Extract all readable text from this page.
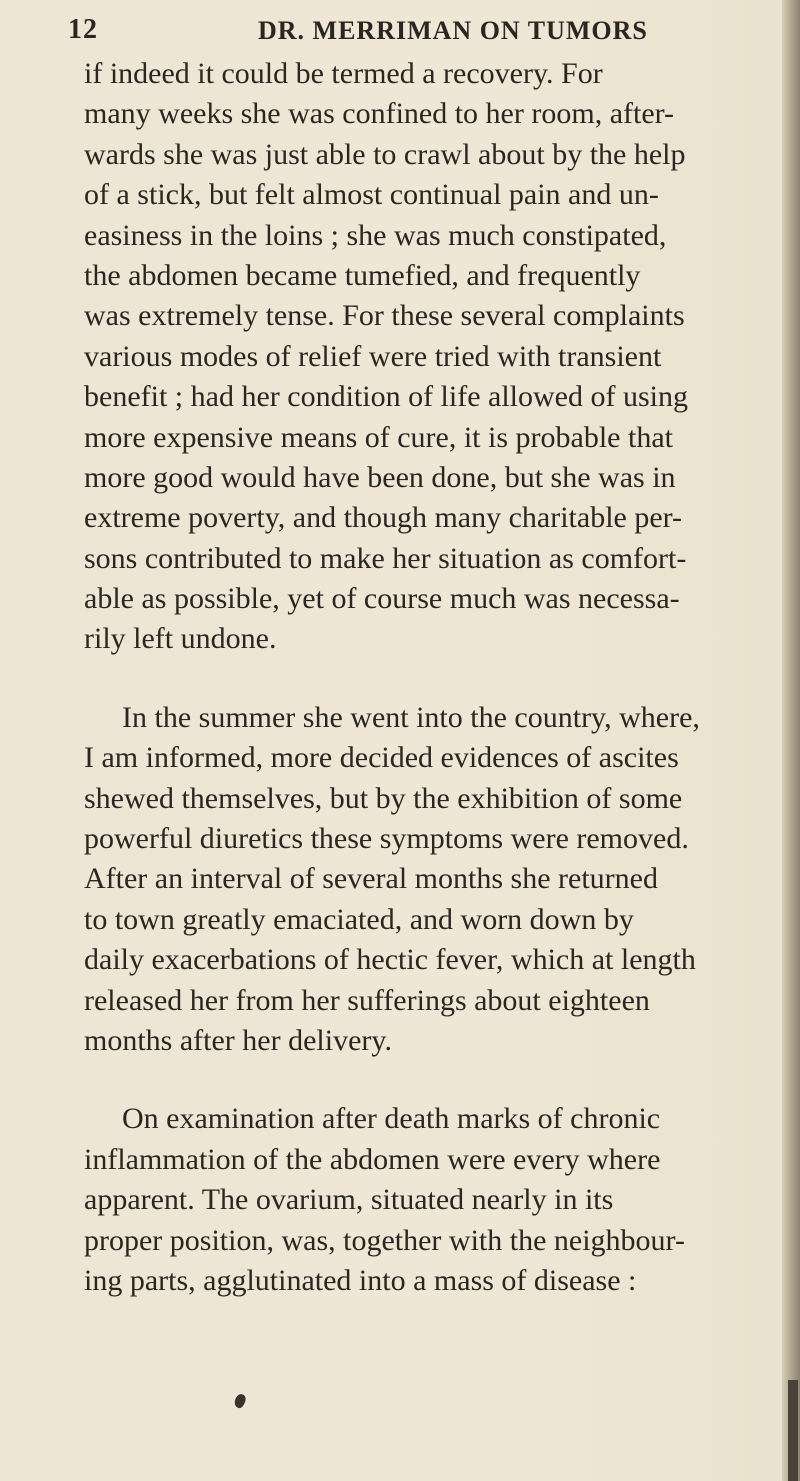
12	DR. MERRIMAN ON TUMORS
if indeed it could be termed a recovery. For
many weeks she was confined to her room, after-
wards she was just able to crawl about by the help
of a stick, but felt almost continual pain and un-
easiness in the loins ; she was much constipated,
the abdomen became tumefied, and frequently
was extremely tense. For these several complaints
various modes of relief were tried with transient
benefit ; had her condition of life allowed of using
more expensive means of cure, it is probable that
more good would have been done, but she was in
extreme poverty, and though many charitable per-
sons contributed to make her situation as comfort-
able as possible, yet of course much was necessa-
rily left undone.
In the summer she went into the country, where,
I am informed, more decided evidences of ascites
shewed themselves, but by the exhibition of some
powerful diuretics these symptoms were removed.
After an interval of several months she returned
to town greatly emaciated, and worn down by
daily exacerbations of hectic fever, which at length
released her from her sufferings about eighteen
months after her delivery.
On examination after death marks of chronic
inflammation of the abdomen were every where
apparent. The ovarium, situated nearly in its
proper position, was, together with the neighbour-
ing parts, agglutinated into a mass of disease :
